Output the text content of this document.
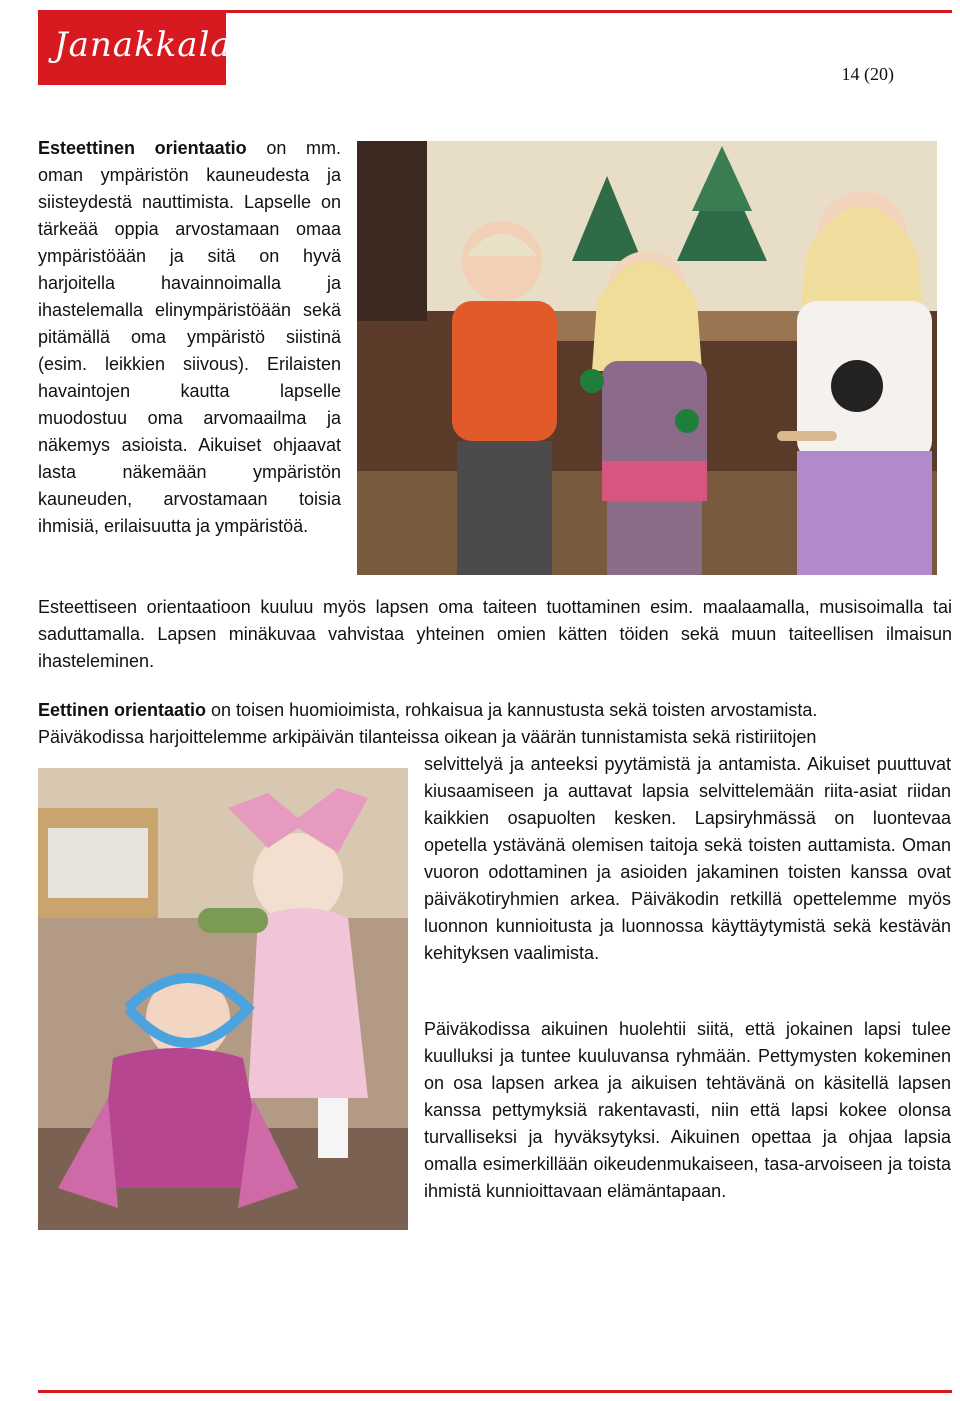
Janakkala
14 (20)

Esteettinen orientaatio on mm. oman ympäristön kauneudesta ja siisteydestä nauttimista. Lapselle on tärkeää oppia arvostamaan omaa ympäristöään ja sitä on hyvä harjoitella havainnoimalla ja ihastelemalla elinympäristöään sekä pitämällä oma ympäristö siistinä (esim. leikkien siivous). Erilaisten havaintojen kautta lapselle muodostuu oma arvomaailma ja näkemys asioista. Aikuiset ohjaavat lasta näkemään ympäristön kauneuden, arvostamaan toisia ihmisiä, erilaisuutta ja ympäristöä.

Esteettiseen orientaatioon kuuluu myös lapsen oma taiteen tuottaminen esim. maalaamalla, musisoimalla tai saduttamalla. Lapsen minäkuvaa vahvistaa yhteinen omien kätten töiden sekä muun taiteellisen ilmaisun ihasteleminen.

Eettinen orientaatio on toisen huomioimista, rohkaisua ja kannustusta sekä toisten arvostamista.
Päiväkodissa harjoittelemme arkipäivän tilanteissa oikean ja väärän tunnistamista sekä ristiriitojen

selvittelyä ja anteeksi pyytämistä ja antamista. Aikuiset puuttuvat kiusaamiseen ja auttavat lapsia selvittelemään riita-asiat riidan kaikkien osapuolten kesken. Lapsiryhmässä on luontevaa opetella ystävänä olemisen taitoja sekä toisten auttamista. Oman vuoron odottaminen ja asioiden jakaminen toisten kanssa ovat päiväkotiryhmien arkea. Päiväkodin retkillä opettelemme myös luonnon kunnioitusta ja luonnossa käyttäytymistä sekä kestävän kehityksen vaalimista.

Päiväkodissa aikuinen huolehtii siitä, että jokainen lapsi tulee kuulluksi ja tuntee kuuluvansa ryhmään. Pettymysten kokeminen on osa lapsen arkea ja aikuisen tehtävänä on käsitellä lapsen kanssa pettymyksiä rakentavasti, niin että lapsi kokee olonsa turvalliseksi ja hyväksytyksi. Aikuinen opettaa ja ohjaa lapsia omalla esimerkillään oikeudenmukaiseen, tasa-arvoiseen ja toista ihmistä kunnioittavaan elämäntapaan.
